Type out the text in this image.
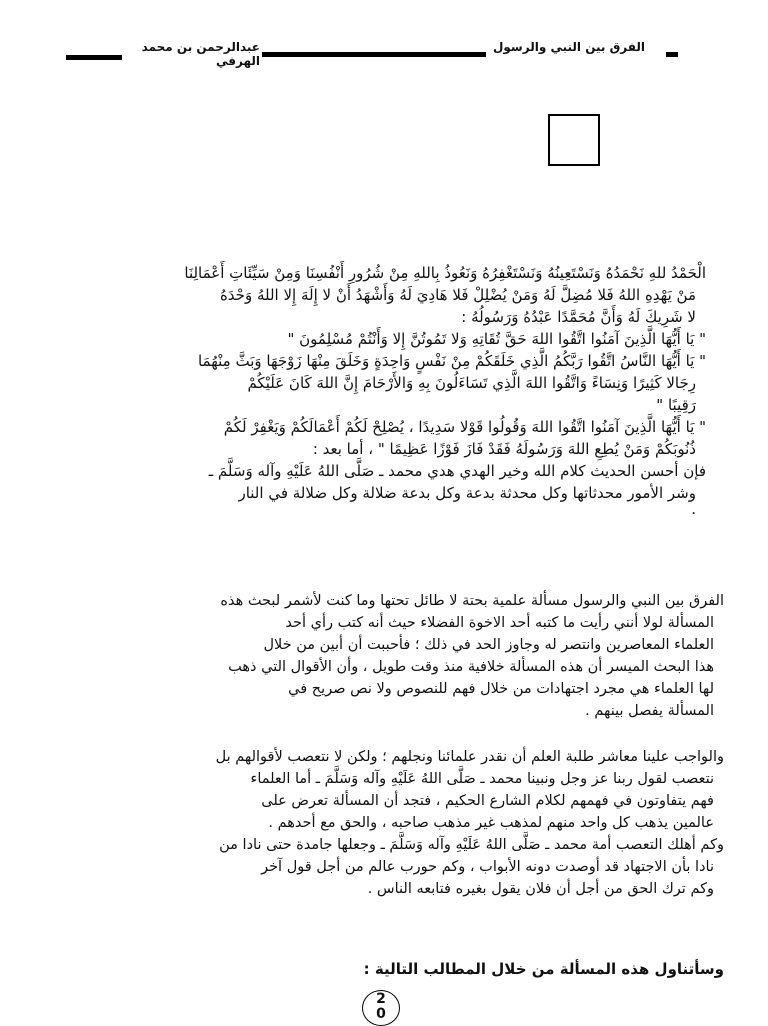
عبدالرحمن بن محمد
الهرفي
الفرق بين النبي والرسول
الْحَمْدُ للهِ نَحْمَدُهُ وَنَسْتَعِينُهُ وَنَسْتَغْفِرُهُ وَنَعُوذُ بِاللهِ مِنْ شُرُورِ أَنْفُسِنَا وَمِنْ سَيِّئَاتِ أَعْمَالِنَا
مَنْ يَهْدِهِ اللهُ فَلا مُضِلَّ لَهُ وَمَنْ يُضْلِلْ فَلا هَادِيَ لَهُ وَأَشْهَدُ أَنْ لا إِلَهَ إِلا اللهُ وَحْدَهُ
لا شَرِيكَ لَهُ وَأَنَّ مُحَمَّدًا عَبْدُهُ وَرَسُولُهُ :
" يَا أَيُّهَا الَّذِينَ آمَنُوا اتَّقُوا اللهَ حَقَّ تُقَاتِهِ وَلا تَمُوتُنَّ إِلا وَأَنْتُمْ مُسْلِمُونَ "
" يَا أَيُّهَا النَّاسُ اتَّقُوا رَبَّكُمُ الَّذِي خَلَقَكُمْ مِنْ نَفْسٍ وَاحِدَةٍ وَخَلَقَ مِنْهَا زَوْجَهَا وَبَثَّ مِنْهُمَا
رِجَالا كَثِيرًا وَنِسَاءً وَاتَّقُوا اللهَ الَّذِي تَسَاءَلُونَ بِهِ وَالأَرْحَامَ إِنَّ اللهَ كَانَ عَلَيْكُمْ
رَقِيبًا "
" يَا أَيُّهَا الَّذِينَ آمَنُوا اتَّقُوا اللهَ وَقُولُوا قَوْلا سَدِيدًا ، يُصْلِحْ لَكُمْ أَعْمَالَكُمْ وَيَغْفِرْ لَكُمْ
ذُنُوبَكُمْ وَمَنْ يُطِعِ اللهَ وَرَسُولَهُ فَقَدْ فَازَ فَوْزًا عَظِيمًا " ، أما بعد :
فإن أحسن الحديث كلام الله وخير الهدي هدي محمد ـ صَلَّى اللهُ عَلَيْهِ وآله وَسَلَّمَ ـ
وشر الأمور محدثاتها وكل محدثة بدعة وكل بدعة ضلالة وكل ضلالة في النار
.
الفرق بين النبي والرسول مسألة علمية بحتة لا طائل تحتها وما كنت لأشمر لبحث هذه
المسألة لولا أنني رأيت ما كتبه أحد الاخوة الفضلاء حيث أنه كتب رأي أحد
العلماء المعاصرين وانتصر له وجاوز الحد في ذلك ؛ فأحببت أن أبين من خلال
هذا البحث الميسر أن هذه المسألة خلافية منذ وقت طويل ، وأن الأقوال التي ذهب
لها العلماء هي مجرد اجتهادات من خلال فهم للنصوص ولا نص صريح في
المسألة يفصل بينهم .
والواجب علينا معاشر طلبة العلم أن نقدر علمائنا ونجلهم ؛ ولكن لا نتعصب لأقوالهم بل
نتعصب لقول ربنا عز وجل ونبينا محمد ـ صَلَّى اللهُ عَلَيْهِ وآله وَسَلَّمَ ـ أما العلماء
فهم يتفاوتون في فهمهم لكلام الشارع الحكيم ، فتجد أن المسألة تعرض على
عالمين يذهب كل واحد منهم لمذهب غير مذهب صاحبه ، والحق مع أحدهم .
وكم أهلك التعصب أمة محمد ـ صَلَّى اللهُ عَلَيْهِ وآله وَسَلَّمَ ـ وجعلها جامدة حتى نادا من
نادا بأن الاجتهاد قد أوصدت دونه الأبواب ، وكم حورب عالم من أجل قول آخر
وكم ترك الحق من أجل أن فلان يقول بغيره فتابعه الناس .
وسأتناول هذه المسألة من خلال المطالب التالية :
2
0
